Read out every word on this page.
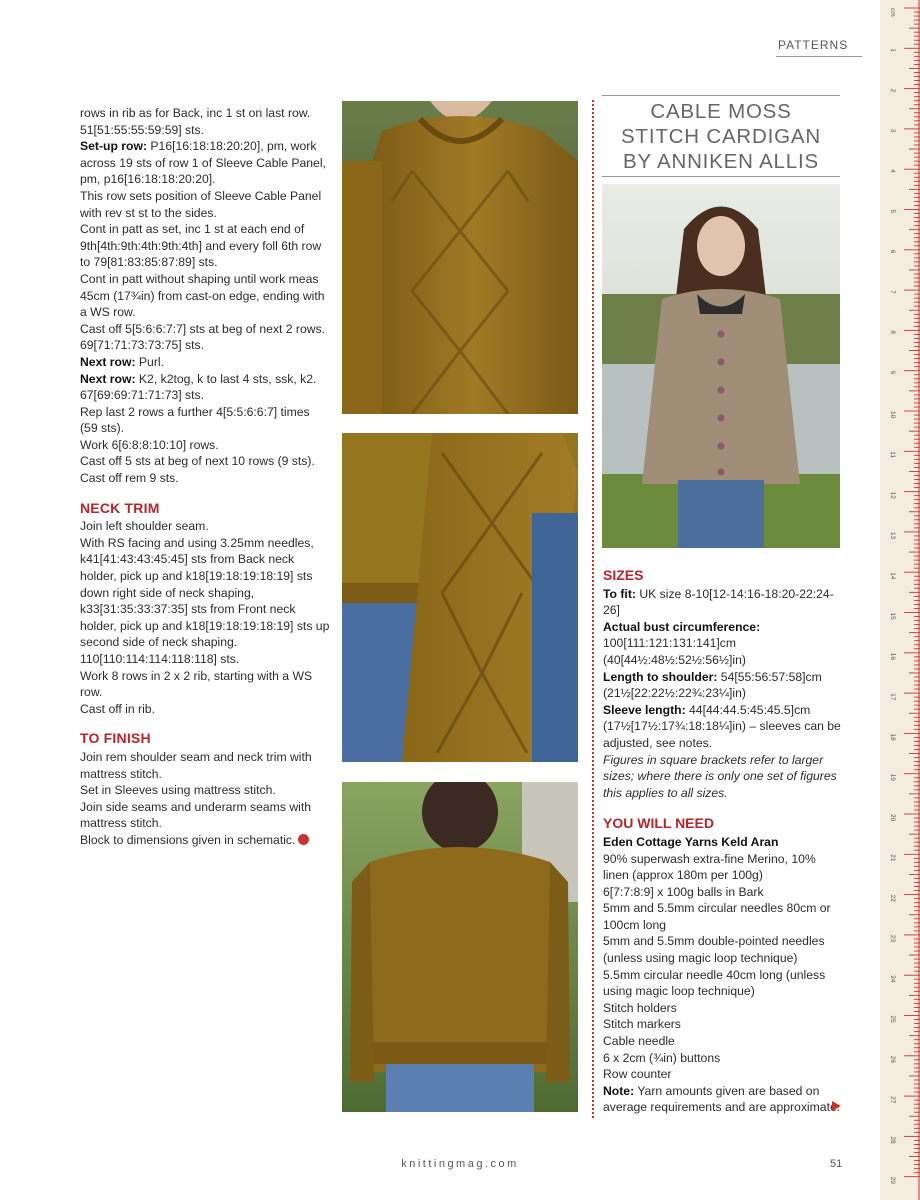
PATTERNS

rows in rib as for Back, inc 1 st on last row.

51[51:55:55:59:59] sts.

Set-up row: P16[16:18:18:20:20], pm, work across 19 sts of row 1 of Sleeve Cable Panel, pm, p16[16:18:18:20:20].

This row sets position of Sleeve Cable Panel with rev st st to the sides.

Cont in patt as set, inc 1 st at each end of 9th[4th:9th:4th:9th:4th] and every foll 6th row to 79[81:83:85:87:89] sts.

Cont in patt without shaping until work meas 45cm (17¾in) from cast-on edge, ending with a WS row.

Cast off 5[5:6:6:7:7] sts at beg of next 2 rows. 69[71:71:73:73:75] sts.

Next row: Purl.

Next row: K2, k2tog, k to last 4 sts, ssk, k2. 67[69:69:71:71:73] sts.

Rep last 2 rows a further 4[5:5:6:6:7] times (59 sts).

Work 6[6:8:8:10:10] rows.

Cast off 5 sts at beg of next 10 rows (9 sts).

Cast off rem 9 sts.

NECK TRIM

Join left shoulder seam.

With RS facing and using 3.25mm needles, k41[41:43:43:45:45] sts from Back neck holder, pick up and k18[19:18:19:18:19] sts down right side of neck shaping, k33[31:35:33:37:35] sts from Front neck holder, pick up and k18[19:18:19:18:19] sts up second side of neck shaping. 110[110:114:114:118:118] sts.

Work 8 rows in 2 x 2 rib, starting with a WS row.

Cast off in rib.

TO FINISH

Join rem shoulder seam and neck trim with mattress stitch.

Set in Sleeves using mattress stitch.

Join side seams and underarm seams with mattress stitch.

Block to dimensions given in schematic.

CABLE MOSS
STITCH CARDIGAN
BY ANNIKEN ALLIS
SIZES

To fit: UK size 8-10[12-14:16-18:20-22:24-26]

Actual bust circumference:

100[111:121:131:141]cm (40[44½:48½:52½:56½]in)

Length to shoulder: 54[55:56:57:58]cm (21½[22:22½:22¾:23¼]in)

Sleeve length: 44[44:44.5:45:45.5]cm (17½[17½:17¾:18:18¼]in) – sleeves can be adjusted, see notes.

Figures in square brackets refer to larger sizes; where there is only one set of figures this applies to all sizes.

YOU WILL NEED

Eden Cottage Yarns Keld Aran

90% superwash extra-fine Merino, 10% linen (approx 180m per 100g)

6[7:7:8:9] x 100g balls in Bark

5mm and 5.5mm circular needles 80cm or 100cm long

5mm and 5.5mm double-pointed needles (unless using magic loop technique)

5.5mm circular needle 40cm long (unless using magic loop technique)

Stitch holders

Stitch markers

Cable needle

6 x 2cm (¾in) buttons

Row counter

Note: Yarn amounts given are based on average requirements and are approximate.

knittingmag.com	51
cm
1
2
3
4
5
6
7
8
9
10
11
12
13
14
15
16
17
18
19
20
21
22
23
24
25
26
27
28
29
